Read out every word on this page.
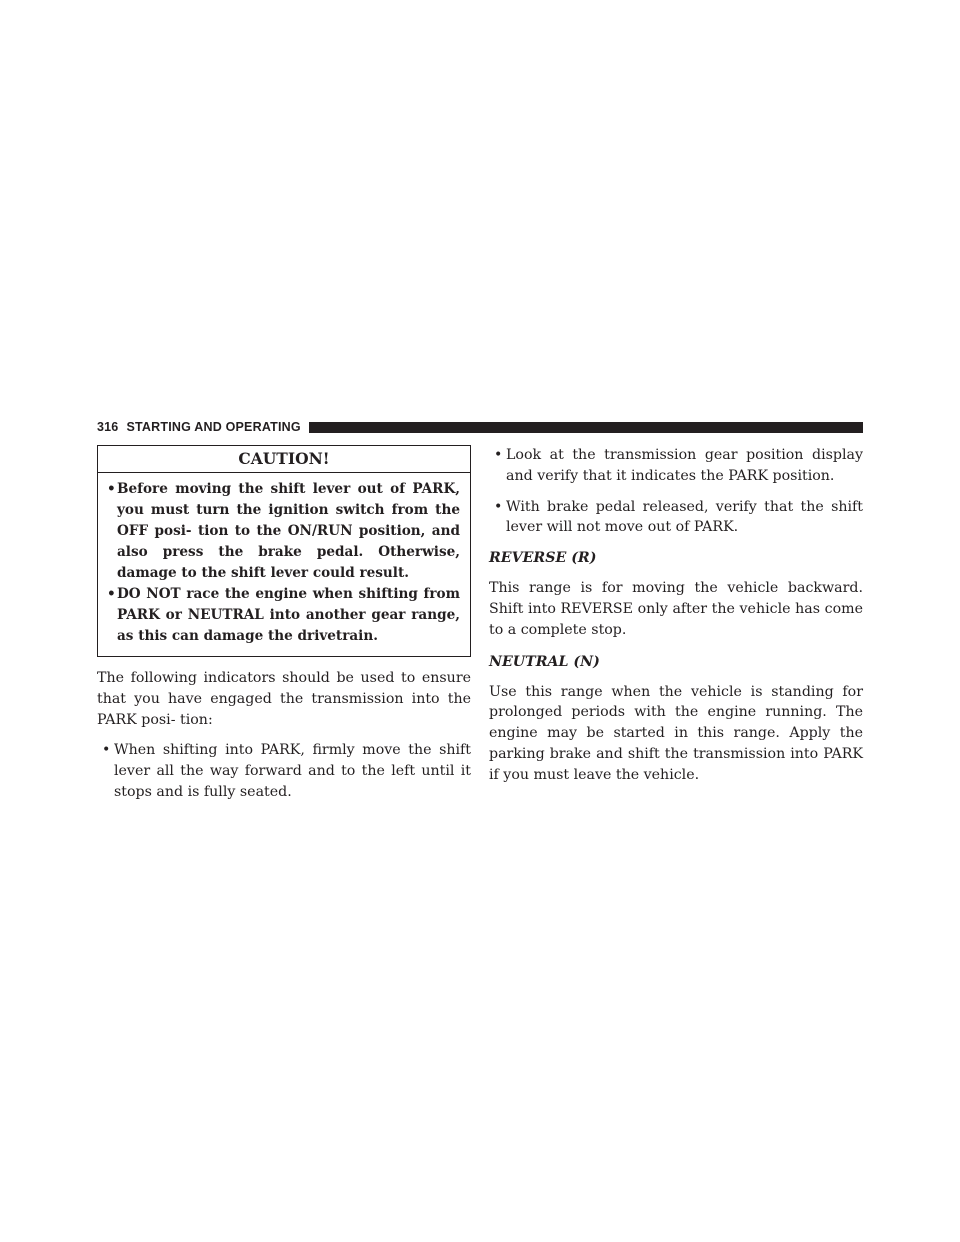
316 STARTING AND OPERATING
CAUTION!
• Before moving the shift lever out of PARK, you must turn the ignition switch from the OFF posi- tion to the ON/RUN position, and also press the brake pedal. Otherwise, damage to the shift lever could result.
• DO NOT race the engine when shifting from PARK or NEUTRAL into another gear range, as this can damage the drivetrain.

The following indicators should be used to ensure that you have engaged the transmission into the PARK posi- tion:

• When shifting into PARK, firmly move the shift lever all the way forward and to the left until it stops and is fully seated.
• Look at the transmission gear position display and verify that it indicates the PARK position.
• With brake pedal released, verify that the shift lever will not move out of PARK.
REVERSE (R)

This range is for moving the vehicle backward. Shift into REVERSE only after the vehicle has come to a complete stop.

NEUTRAL (N)

Use this range when the vehicle is standing for prolonged periods with the engine running. The engine may be started in this range. Apply the parking brake and shift the transmission into PARK if you must leave the vehicle.
